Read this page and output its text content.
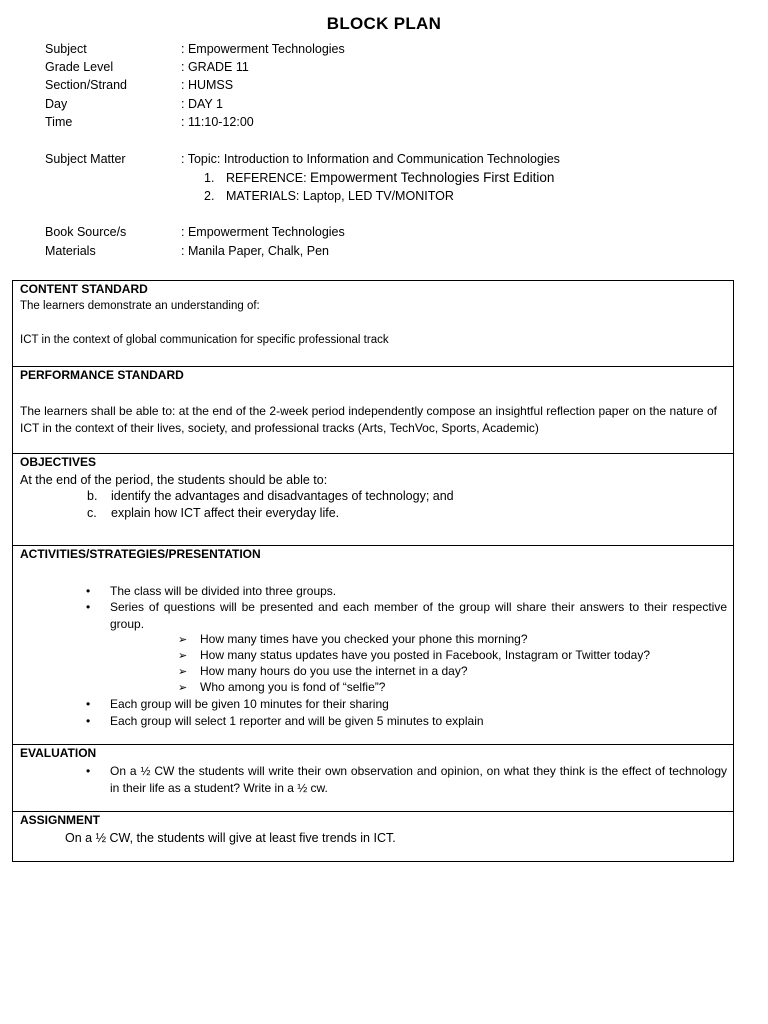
BLOCK PLAN
Subject	: Empowerment Technologies
Grade Level	: GRADE 11
Section/Strand	: HUMSS
Day	: DAY 1
Time	: 11:10-12:00
Subject Matter	: Topic: Introduction to Information and Communication Technologies
1. REFERENCE: Empowerment Technologies First Edition
2. MATERIALS: Laptop, LED TV/MONITOR
Book Source/s	: Empowerment Technologies
Materials	: Manila Paper, Chalk, Pen
CONTENT STANDARD
The learners demonstrate an understanding of:
ICT in the context of global communication for specific professional track
PERFORMANCE STANDARD
The learners shall be able to: at the end of the 2-week period independently compose an insightful reflection paper on the nature of ICT in the context of their lives, society, and professional tracks (Arts, TechVoc, Sports, Academic)
OBJECTIVES
At the end of the period, the students should be able to:
b. identify the advantages and disadvantages of technology; and
c. explain how ICT affect their everyday life.
ACTIVITIES/STRATEGIES/PRESENTATION
• The class will be divided into three groups.
• Series of questions will be presented and each member of the group will share their answers to their respective group.
➢ How many times have you checked your phone this morning?
➢ How many status updates have you posted in Facebook, Instagram or Twitter today?
➢ How many hours do you use the internet in a day?
➢ Who among you is fond of “selfie”?
• Each group will be given 10 minutes for their sharing
• Each group will select 1 reporter and will be given 5 minutes to explain
EVALUATION
• On a ½ CW the students will write their own observation and opinion, on what they think is the effect of technology in their life as a student? Write in a ½ cw.
ASSIGNMENT
On a ½ CW, the students will give at least five trends in ICT.
